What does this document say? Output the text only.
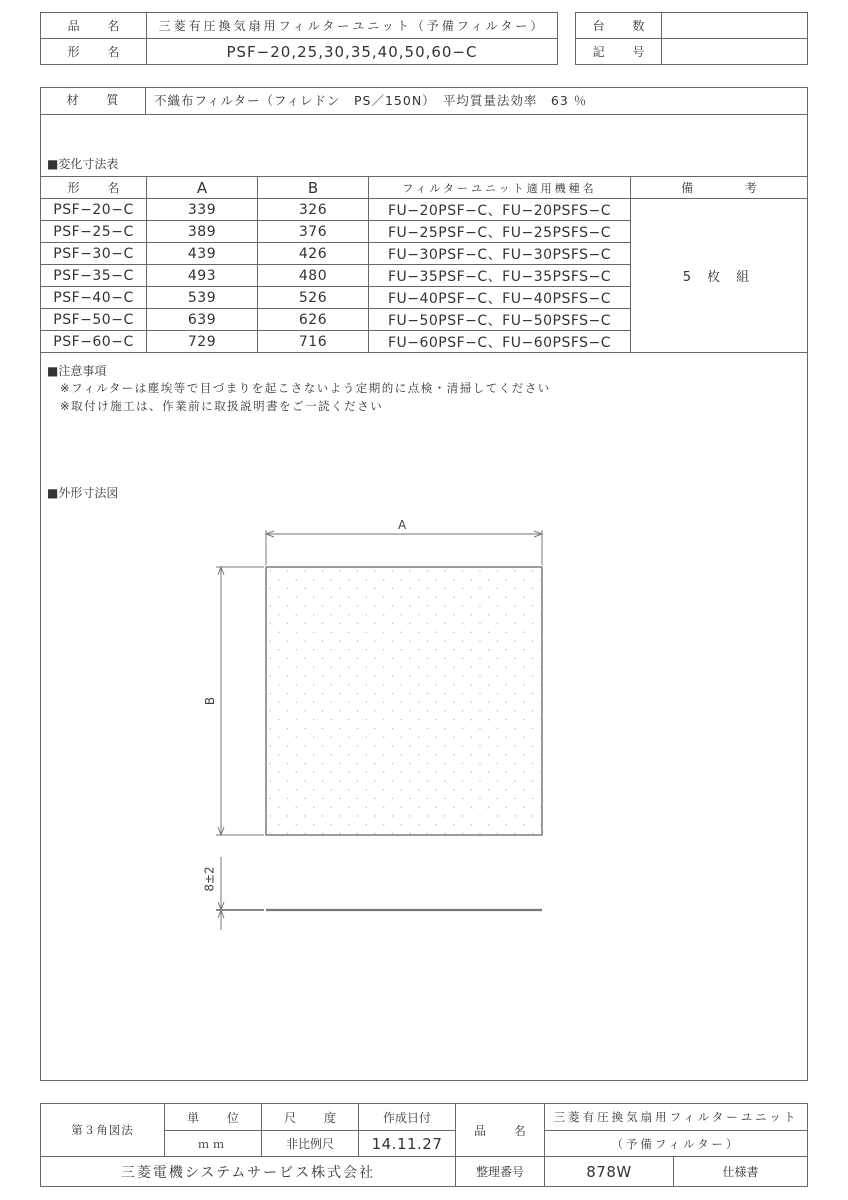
品 名	三菱有圧換気扇用フィルターユニット（予備フィルター）
形 名	PSF−20,25,30,35,40,50,60−C
台 数	
記 号	
材 質	不織布フィルター（フィレドン　PS／150N）　平均質量法効率　63 ％
■変化寸法表
形 名	A	B	フィルターユニット適用機種名	備 考
PSF−20−C	339	326	FU−20PSF−C、FU−20PSFS−C	5 枚 組
PSF−25−C	389	376	FU−25PSF−C、FU−25PSFS−C	
PSF−30−C	439	426	FU−30PSF−C、FU−30PSFS−C	
PSF−35−C	493	480	FU−35PSF−C、FU−35PSFS−C	
PSF−40−C	539	526	FU−40PSF−C、FU−40PSFS−C	
PSF−50−C	639	626	FU−50PSF−C、FU−50PSFS−C	
PSF−60−C	729	716	FU−60PSF−C、FU−60PSFS−C	
■注意事項
※フィルターは塵埃等で目づまりを起こさないよう定期的に点検・清掃してください
※取付け施工は、作業前に取扱説明書をご一読ください
■外形寸法図
A
B
8±2
第３角図法	単 位	尺 度	作成日付	品 名	三菱有圧換気扇用フィルターユニット	
	ｍｍ	非比例尺	14.11.27		（予備フィルター）	
三菱電機システムサービス株式会社				整理番号	878W	仕様書
